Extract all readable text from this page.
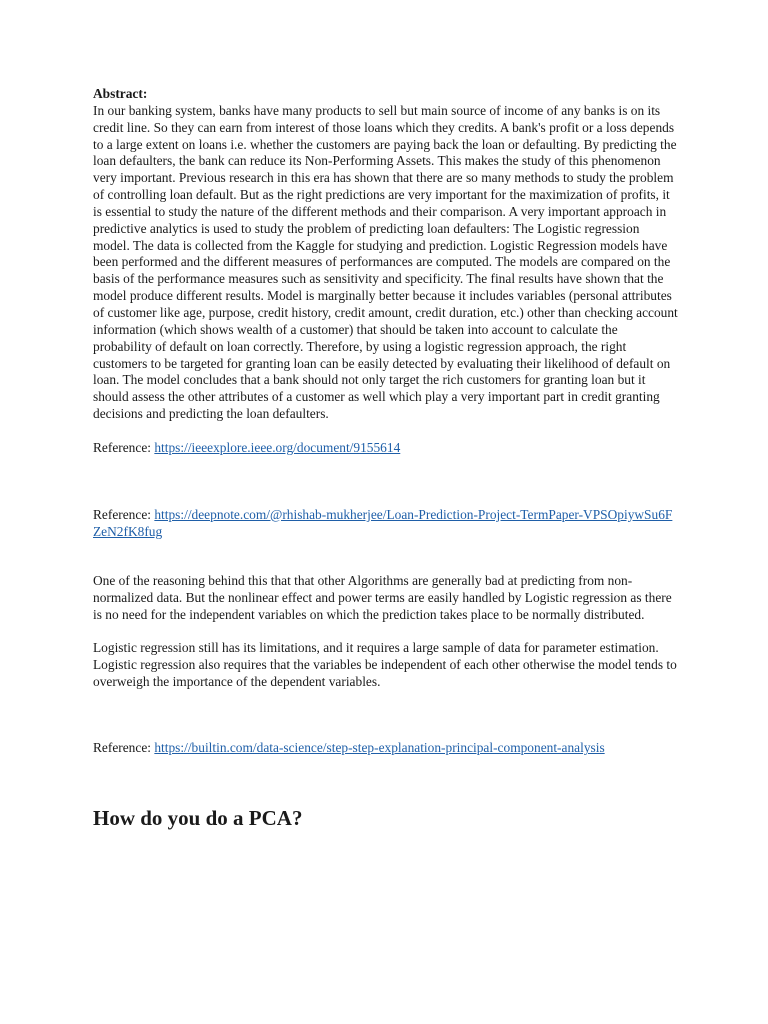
Abstract:
In our banking system, banks have many products to sell but main source of income of any banks is on its credit line. So they can earn from interest of those loans which they credits. A bank's profit or a loss depends to a large extent on loans i.e. whether the customers are paying back the loan or defaulting. By predicting the loan defaulters, the bank can reduce its Non-Performing Assets. This makes the study of this phenomenon very important. Previous research in this era has shown that there are so many methods to study the problem of controlling loan default. But as the right predictions are very important for the maximization of profits, it is essential to study the nature of the different methods and their comparison. A very important approach in predictive analytics is used to study the problem of predicting loan defaulters: The Logistic regression model. The data is collected from the Kaggle for studying and prediction. Logistic Regression models have been performed and the different measures of performances are computed. The models are compared on the basis of the performance measures such as sensitivity and specificity. The final results have shown that the model produce different results. Model is marginally better because it includes variables (personal attributes of customer like age, purpose, credit history, credit amount, credit duration, etc.) other than checking account information (which shows wealth of a customer) that should be taken into account to calculate the probability of default on loan correctly. Therefore, by using a logistic regression approach, the right customers to be targeted for granting loan can be easily detected by evaluating their likelihood of default on loan. The model concludes that a bank should not only target the rich customers for granting loan but it should assess the other attributes of a customer as well which play a very important part in credit granting decisions and predicting the loan defaulters.

Reference: https://ieeexplore.ieee.org/document/9155614

Reference: https://deepnote.com/@rhishab-mukherjee/Loan-Prediction-Project-TermPaper-VPSOpiywSu6FZeN2fK8fug

One of the reasoning behind this that that other Algorithms are generally bad at predicting from non-normalized data. But the nonlinear effect and power terms are easily handled by Logistic regression as there is no need for the independent variables on which the prediction takes place to be normally distributed.

Logistic regression still has its limitations, and it requires a large sample of data for parameter estimation. Logistic regression also requires that the variables be independent of each other otherwise the model tends to overweigh the importance of the dependent variables.

Reference: https://builtin.com/data-science/step-step-explanation-principal-component-analysis

How do you do a PCA?
